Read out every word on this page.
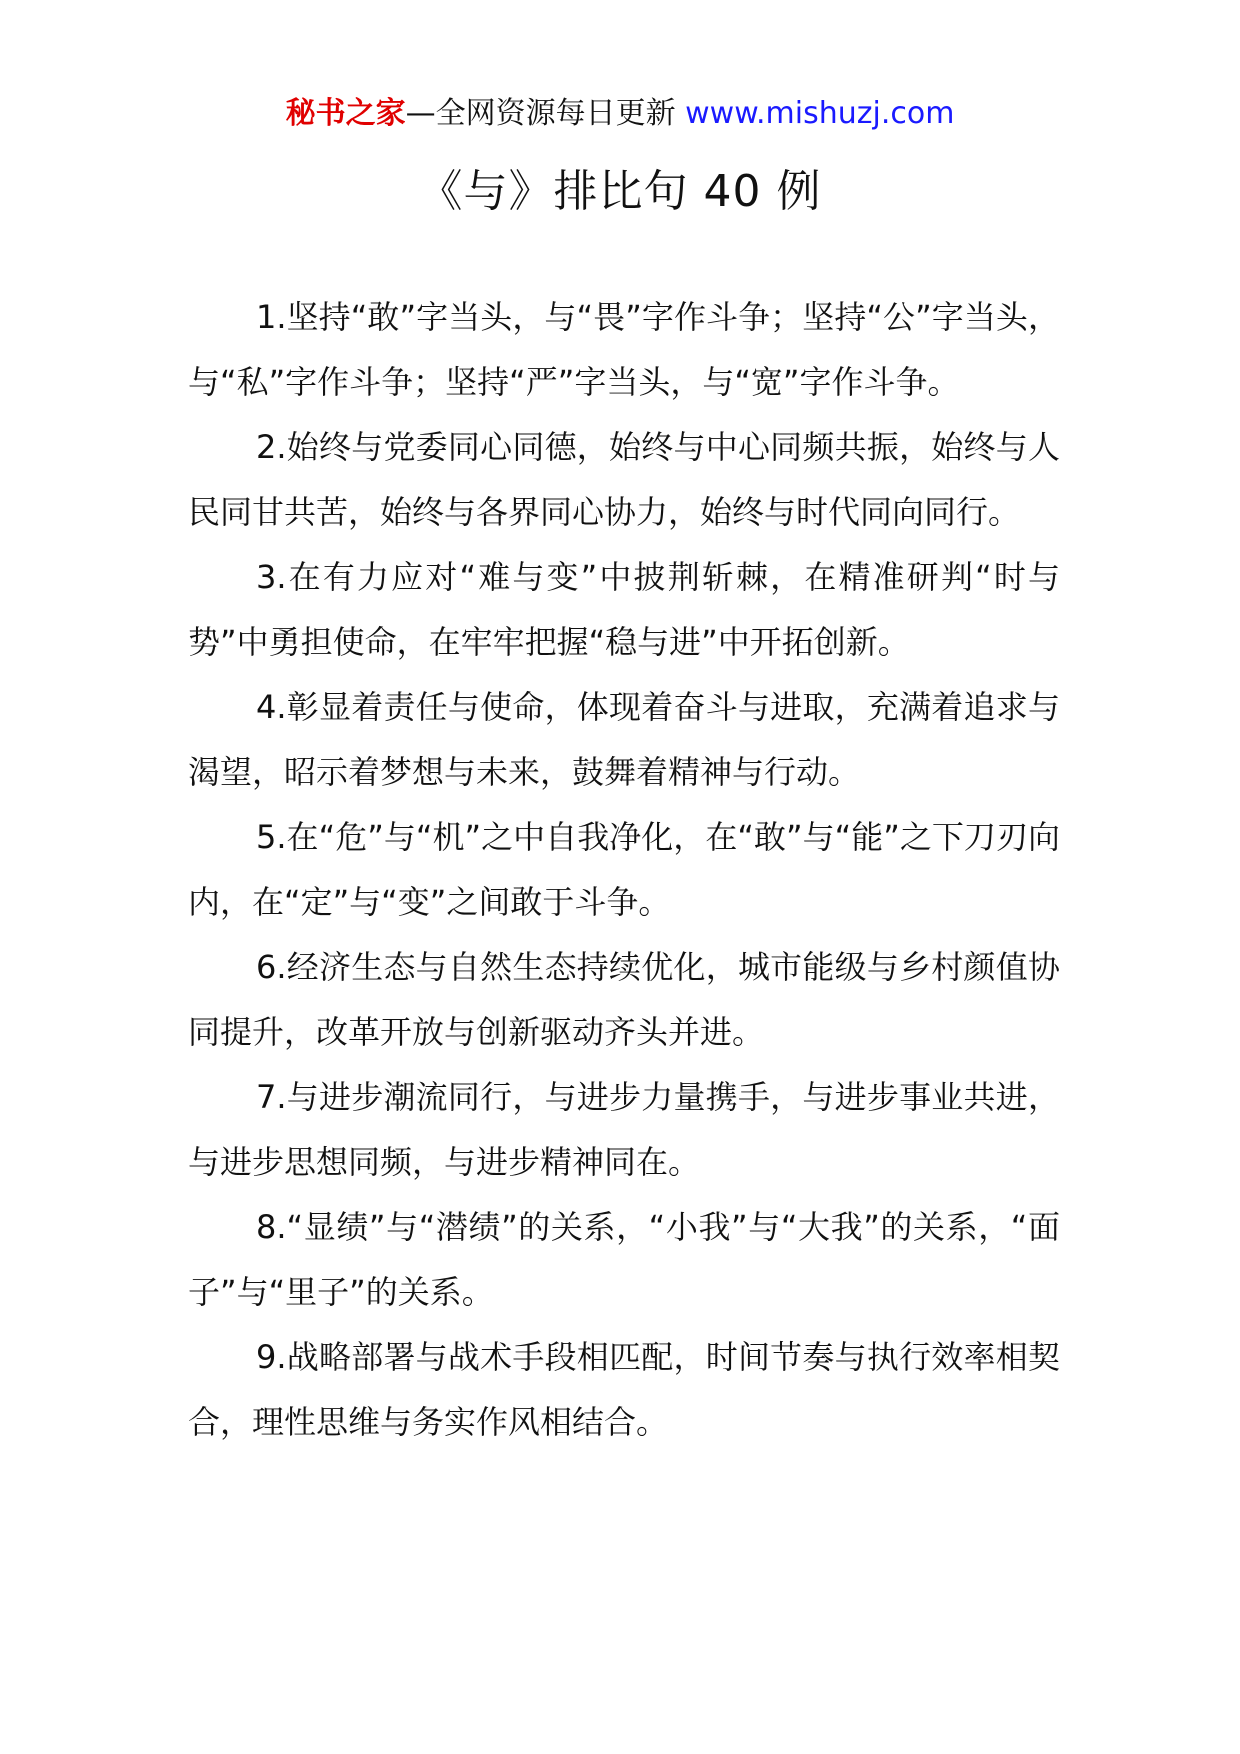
秘书之家—全网资源每日更新 www.mishuzj.com
《与》排比句 40 例

1.坚持“敢”字当头，与“畏”字作斗争；坚持“公”字当头，与“私”字作斗争；坚持“严”字当头，与“宽”字作斗争。

2.始终与党委同心同德，始终与中心同频共振，始终与人民同甘共苦，始终与各界同心协力，始终与时代同向同行。

3.在有力应对“难与变”中披荆斩棘，在精准研判“时与势”中勇担使命，在牢牢把握“稳与进”中开拓创新。

4.彰显着责任与使命，体现着奋斗与进取，充满着追求与渴望，昭示着梦想与未来，鼓舞着精神与行动。

5.在“危”与“机”之中自我净化，在“敢”与“能”之下刀刃向内，在“定”与“变”之间敢于斗争。

6.经济生态与自然生态持续优化，城市能级与乡村颜值协同提升，改革开放与创新驱动齐头并进。

7.与进步潮流同行，与进步力量携手，与进步事业共进，与进步思想同频，与进步精神同在。

8.“显绩”与“潜绩”的关系，“小我”与“大我”的关系，“面子”与“里子”的关系。

9.战略部署与战术手段相匹配，时间节奏与执行效率相契合，理性思维与务实作风相结合。
